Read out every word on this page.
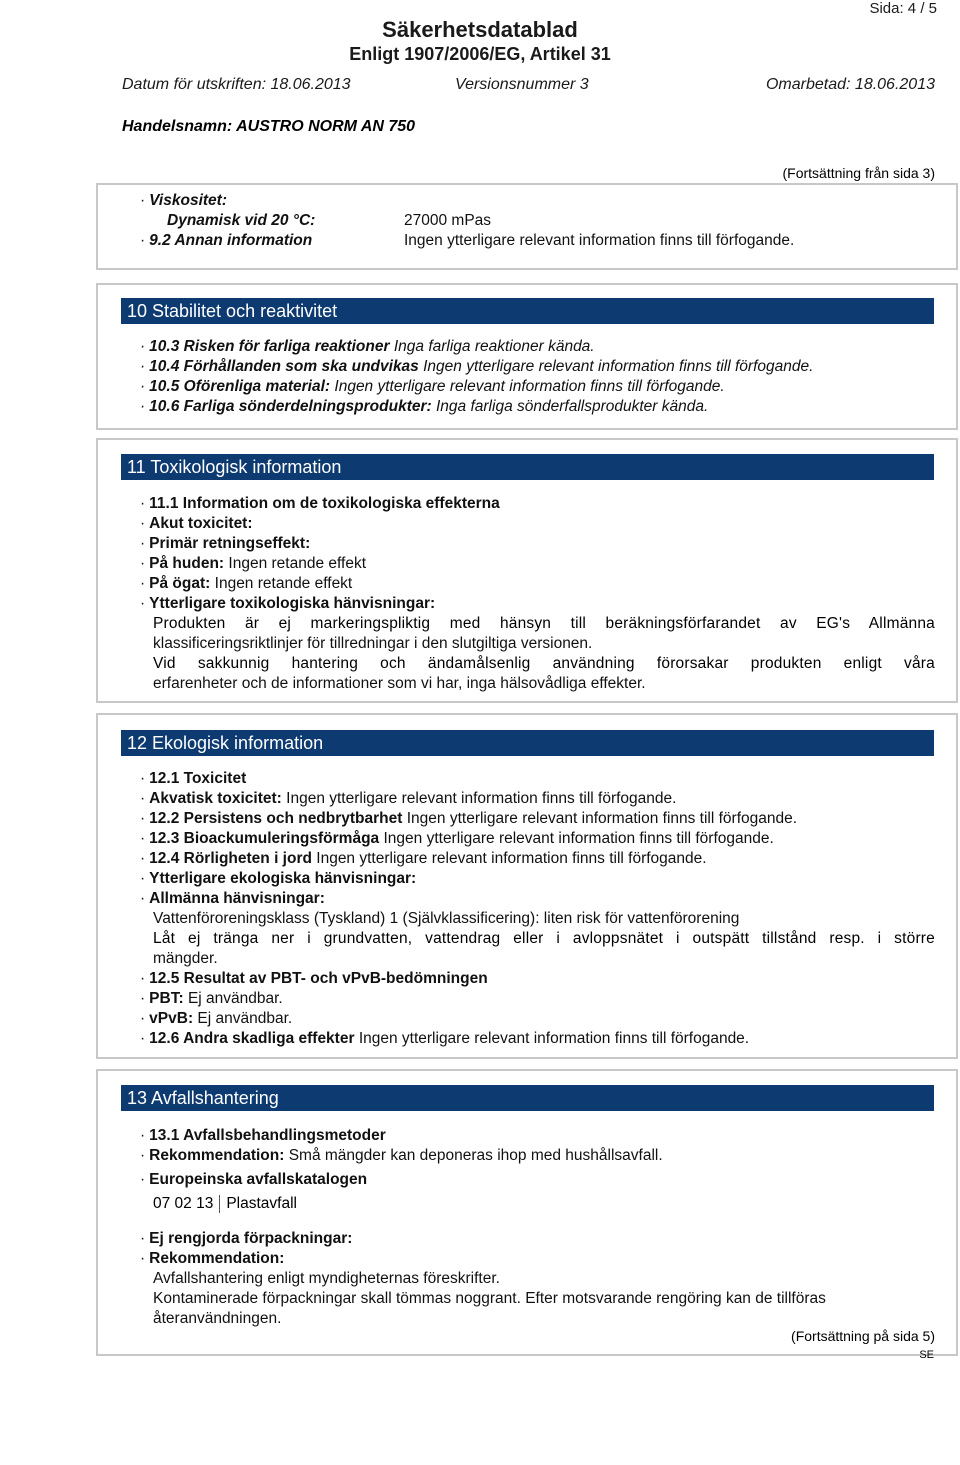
Sida: 4 / 5
Säkerhetsdatablad
Enligt 1907/2006/EG, Artikel 31
Datum för utskriften: 18.06.2013	Versionsnummer 3	Omarbetad: 18.06.2013
Handelsnamn: AUSTRO NORM AN 750
(Fortsättning från sida 3)
· Viskositet:
Dynamisk vid 20 °C:	27000 mPas
· 9.2 Annan information	Ingen ytterligare relevant information finns till förfogande.
10 Stabilitet och reaktivitet
· 10.3 Risken för farliga reaktioner Inga farliga reaktioner kända.
· 10.4 Förhållanden som ska undvikas Ingen ytterligare relevant information finns till förfogande.
· 10.5 Oförenliga material: Ingen ytterligare relevant information finns till förfogande.
· 10.6 Farliga sönderdelningsprodukter: Inga farliga sönderfallsprodukter kända.
11 Toxikologisk information
· 11.1 Information om de toxikologiska effekterna
· Akut toxicitet:
· Primär retningseffekt:
· På huden: Ingen retande effekt
· På ögat: Ingen retande effekt
· Ytterligare toxikologiska hänvisningar:
Produkten är ej markeringspliktig med hänsyn till beräkningsförfarandet av EG's Allmänna
klassificeringsriktlinjer för tillredningar i den slutgiltiga versionen.
Vid sakkunnig hantering och ändamålsenlig användning förorsakar produkten enligt våra
erfarenheter och de informationer som vi har, inga hälsovådliga effekter.
12 Ekologisk information
· 12.1 Toxicitet
· Akvatisk toxicitet: Ingen ytterligare relevant information finns till förfogande.
· 12.2 Persistens och nedbrytbarhet Ingen ytterligare relevant information finns till förfogande.
· 12.3 Bioackumuleringsförmåga Ingen ytterligare relevant information finns till förfogande.
· 12.4 Rörligheten i jord Ingen ytterligare relevant information finns till förfogande.
· Ytterligare ekologiska hänvisningar:
· Allmänna hänvisningar:
Vattenföroreningsklass (Tyskland) 1 (Självklassificering): liten risk för vattenförorening
Låt ej tränga ner i grundvatten, vattendrag eller i avloppsnätet i outspätt tillstånd resp. i större
mängder.
· 12.5 Resultat av PBT- och vPvB-bedömningen
· PBT: Ej användbar.
· vPvB: Ej användbar.
· 12.6 Andra skadliga effekter Ingen ytterligare relevant information finns till förfogande.
13 Avfallshantering
· 13.1 Avfallsbehandlingsmetoder
· Rekommendation: Små mängder kan deponeras ihop med hushållsavfall.
· Europeinska avfallskatalogen
07 02 13 Plastavfall
· Ej rengjorda förpackningar:
· Rekommendation:
Avfallshantering enligt myndigheternas föreskrifter.
Kontaminerade förpackningar skall tömmas noggrant. Efter motsvarande rengöring kan de tillföras
återanvändningen.
(Fortsättning på sida 5)
SE
